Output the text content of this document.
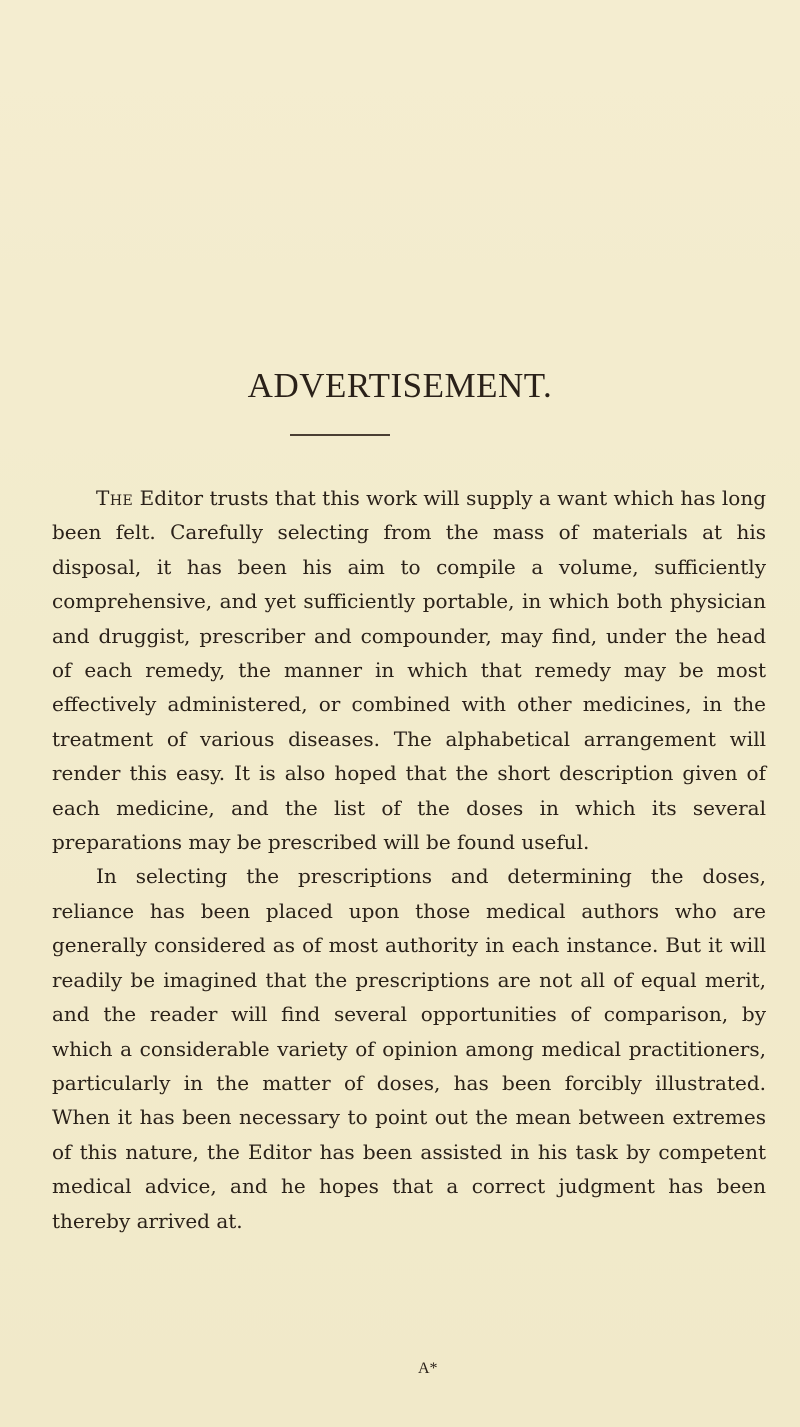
ADVERTISEMENT.

The Editor trusts that this work will supply a want which has long been felt. Carefully selecting from the mass of materials at his disposal, it has been his aim to compile a volume, sufficiently comprehensive, and yet sufficiently portable, in which both physician and druggist, prescriber and compounder, may find, under the head of each remedy, the manner in which that remedy may be most effectively administered, or combined with other medicines, in the treatment of various diseases. The alphabetical arrangement will render this easy. It is also hoped that the short description given of each medicine, and the list of the doses in which its several preparations may be prescribed will be found useful.

In selecting the prescriptions and determining the doses, reliance has been placed upon those medical authors who are generally considered as of most authority in each instance. But it will readily be imagined that the prescriptions are not all of equal merit, and the reader will find several opportunities of comparison, by which a considerable variety of opinion among medical practitioners, particularly in the matter of doses, has been forcibly illustrated. When it has been necessary to point out the mean between extremes of this nature, the Editor has been assisted in his task by competent medical advice, and he hopes that a correct judgment has been thereby arrived at.

A*
